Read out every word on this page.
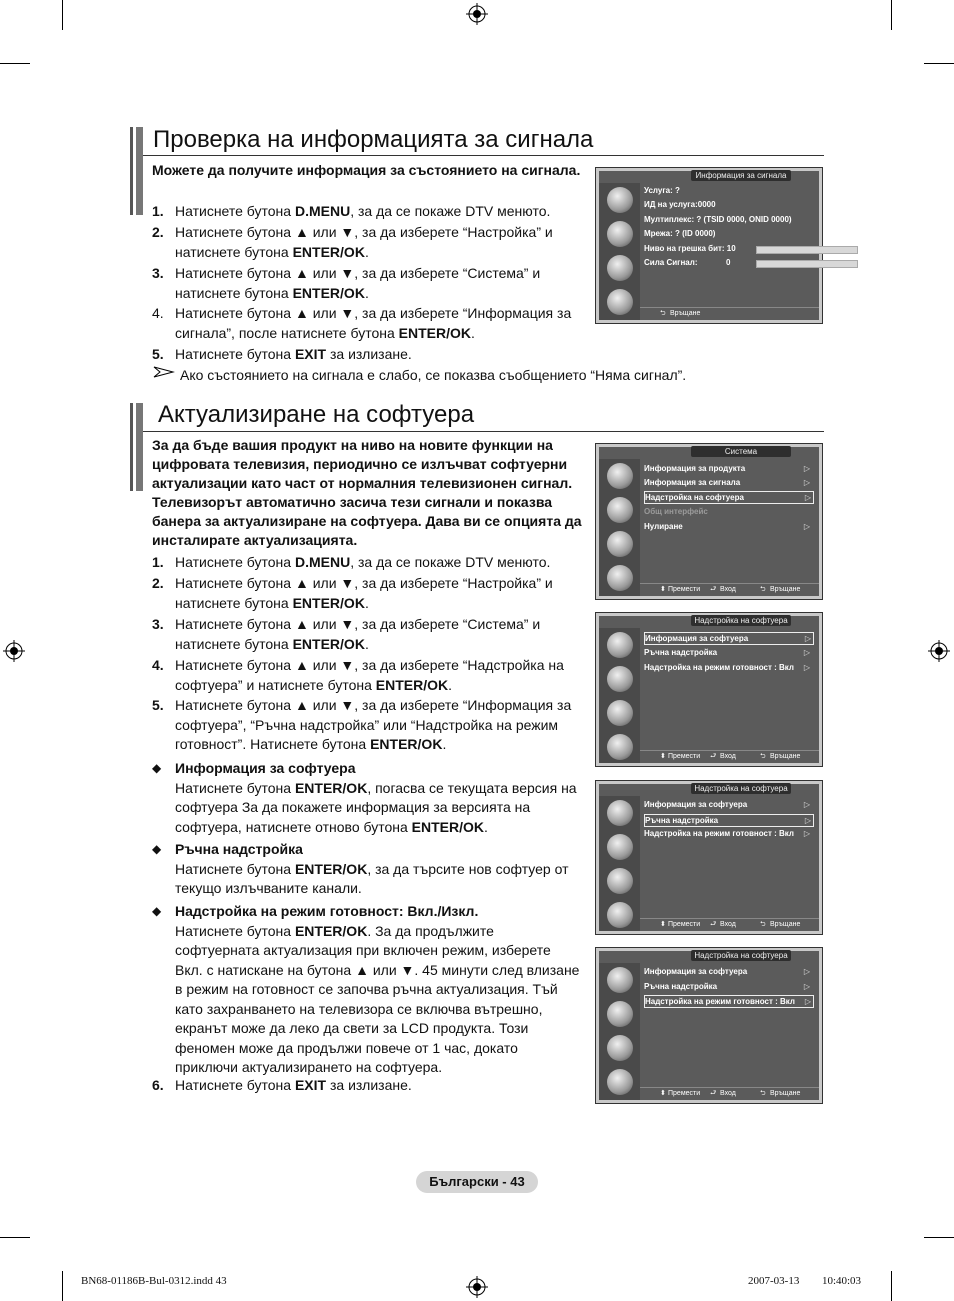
Проверка на информацията за сигнала
Можете да получите информация за състоянието на сигнала.
1. Натиснете бутона D.MENU, за да се покаже DTV менюто.
2. Натиснете бутона ▲ или ▼, за да изберете “Настройка” и натиснете бутона ENTER/OK.
3. Натиснете бутона ▲ или ▼, за да изберете “Система” и натиснете бутона ENTER/OK.
4. Натиснете бутона ▲ или ▼, за да изберете “Информация за сигнала”, после натиснете бутона ENTER/OK.
5. Натиснете бутона EXIT за излизане.
Ако състоянието на сигнала е слабо, се показва съобщението “Няма сигнал”.
Информация за сигнала
Услуга: ?
ИД на услуга:0000
Мултиплекс: ? (TSID 0000, ONID 0000)
Мрежа: ? (ID 0000)
Ниво на грешка бит: 10
Сила Сигнал:	0
⮌ Връщане
Актуализиране на софтуера
За да бъде вашия продукт на ниво на новите функции на цифровата телевизия, периодично се излъчват софтуерни актуализации като част от нормалния телевизионен сигнал. Телевизорът автоматично засича тези сигнали и показва банера за актуализиране на софтуера. Дава ви се опцията да инсталирате актуализацията.
1. Натиснете бутона D.MENU, за да се покаже DTV менюто.
2. Натиснете бутона ▲ или ▼, за да изберете “Настройка” и натиснете бутона ENTER/OK.
3. Натиснете бутона ▲ или ▼, за да изберете “Система” и натиснете бутона ENTER/OK.
4. Натиснете бутона ▲ или ▼, за да изберете “Надстройка на софтуера” и натиснете бутона ENTER/OK.
5. Натиснете бутона ▲ или ▼, за да изберете “Информация за софтуера”, “Ръчна надстройка” или “Надстройка на режим готовност”. Натиснете бутона ENTER/OK.
◆ Информация за софтуера
Натиснете бутона ENTER/OK, погасва се текущата версия на софтуера За да покажете информация за версията на софтуера, натиснете отново бутона ENTER/OK.
◆ Ръчна надстройка
Натиснете бутона ENTER/OK, за да търсите нов софтуер от текущо излъчваните канали.
◆ Надстройка на режим готовност: Вкл./Изкл.
Натиснете бутона ENTER/OK. За да продължите софтуерната актуализация при включен режим, изберете Вкл. с натискане на бутона ▲ или ▼. 45 минути след влизане в режим на готовност се започва ръчна актуализация. Тъй като захранването на телевизора се включва вътрешно, екранът може да леко да свети за LCD продукта. Този феномен може да продължи повече от 1 час, докато приключи актуализирането на софтуера.
6. Натиснете бутона EXIT за излизане.
Система
Информация за продукта	▷
Информация за сигнала	▷
Надстройка на софтуера	▷
Общ интерфейс
Нулиране	▷
⬍ Премести ⮐ Вход	⮌ Връщане
Надстройка на софтуера
Информация за софтуера	▷
Ръчна надстройка	▷
Надстройка на режим готовност : Вкл ▷
⬍ Премести ⮐ Вход	⮌ Връщане
Надстройка на софтуера
Информация за софтуера	▷
Ръчна надстройка	▷
Надстройка на режим готовност : Вкл ▷
⬍ Премести ⮐ Вход	⮌ Връщане
Надстройка на софтуера
Информация за софтуера	▷
Ръчна надстройка	▷
Надстройка на режим готовност : Вкл ▷
⬍ Премести ⮐ Вход	⮌ Връщане
Български - 43
BN68-01186B-Bul-0312.indd 43	2007-03-13    10:40:03
